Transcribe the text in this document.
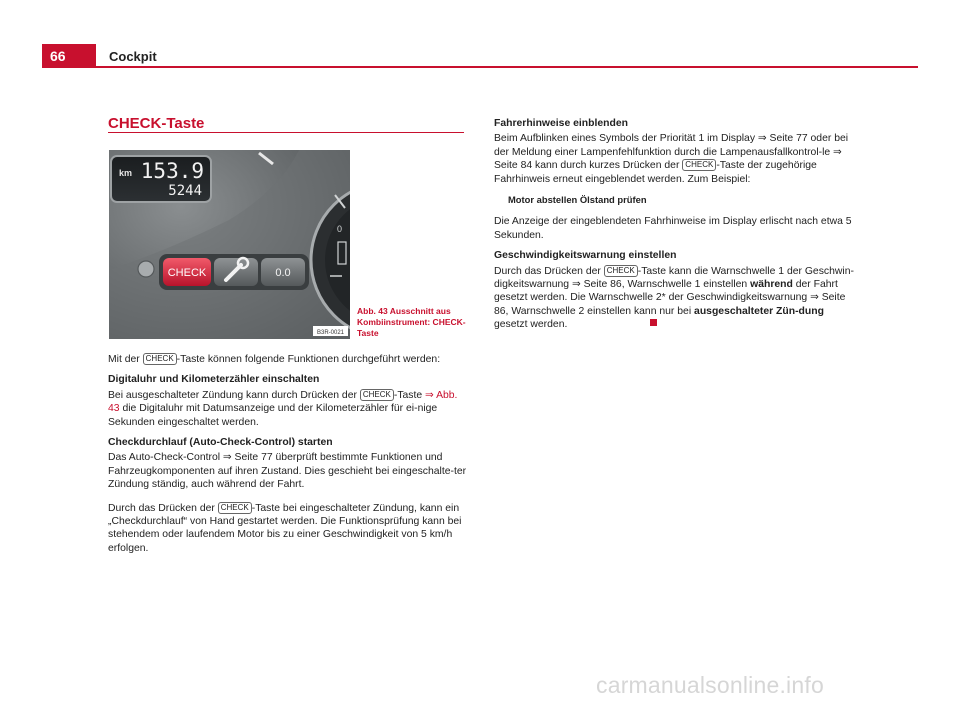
66	Cockpit
CHECK-Taste
0
km 153.9
5244
CHECK	0.0
B3R-0021
Abb. 43 Ausschnitt aus Kombiinstrument: CHECK-Taste

Mit der CHECK -Taste können folgende Funktionen durchgeführt werden:

Digitaluhr und Kilometerzähler einschalten

Bei ausgeschalteter Zündung kann durch Drücken der CHECK -Taste ⇒ Abb. 43 die Digitaluhr mit Datumsanzeige und der Kilometerzähler für ei-nige Sekunden eingeschaltet werden.

Checkdurchlauf (Auto-Check-Control) starten

Das Auto-Check-Control ⇒ Seite 77 überprüft bestimmte Funktionen und Fahrzeugkomponenten auf ihren Zustand. Dies geschieht bei eingeschalte-ter Zündung ständig, auch während der Fahrt.

Durch das Drücken der CHECK -Taste bei eingeschalteter Zündung, kann ein „Checkdurchlauf“ von Hand gestartet werden. Die Funktionsprüfung kann bei stehendem oder laufendem Motor bis zu einer Geschwindigkeit von 5 km/h erfolgen.

Fahrerhinweise einblenden

Beim Aufblinken eines Symbols der Priorität 1 im Display ⇒ Seite 77 oder bei der Meldung einer Lampenfehlfunktion durch die Lampenausfallkontrol-le ⇒ Seite 84 kann durch kurzes Drücken der CHECK -Taste der zugehörige Fahrhinweis erneut eingeblendet werden. Zum Beispiel:

Motor abstellen Ölstand prüfen

Die Anzeige der eingeblendeten Fahrhinweise im Display erlischt nach etwa 5 Sekunden.

Geschwindigkeitswarnung einstellen

Durch das Drücken der CHECK -Taste kann die Warnschwelle 1 der Geschwin-digkeitswarnung ⇒ Seite 86, Warnschwelle 1 einstellen während der Fahrt gesetzt werden. Die Warnschwelle 2* der Geschwindigkeitswarnung ⇒ Seite 86, Warnschwelle 2 einstellen kann nur bei ausgeschalteter Zün-dung gesetzt werden.

carmanualsonline.info
